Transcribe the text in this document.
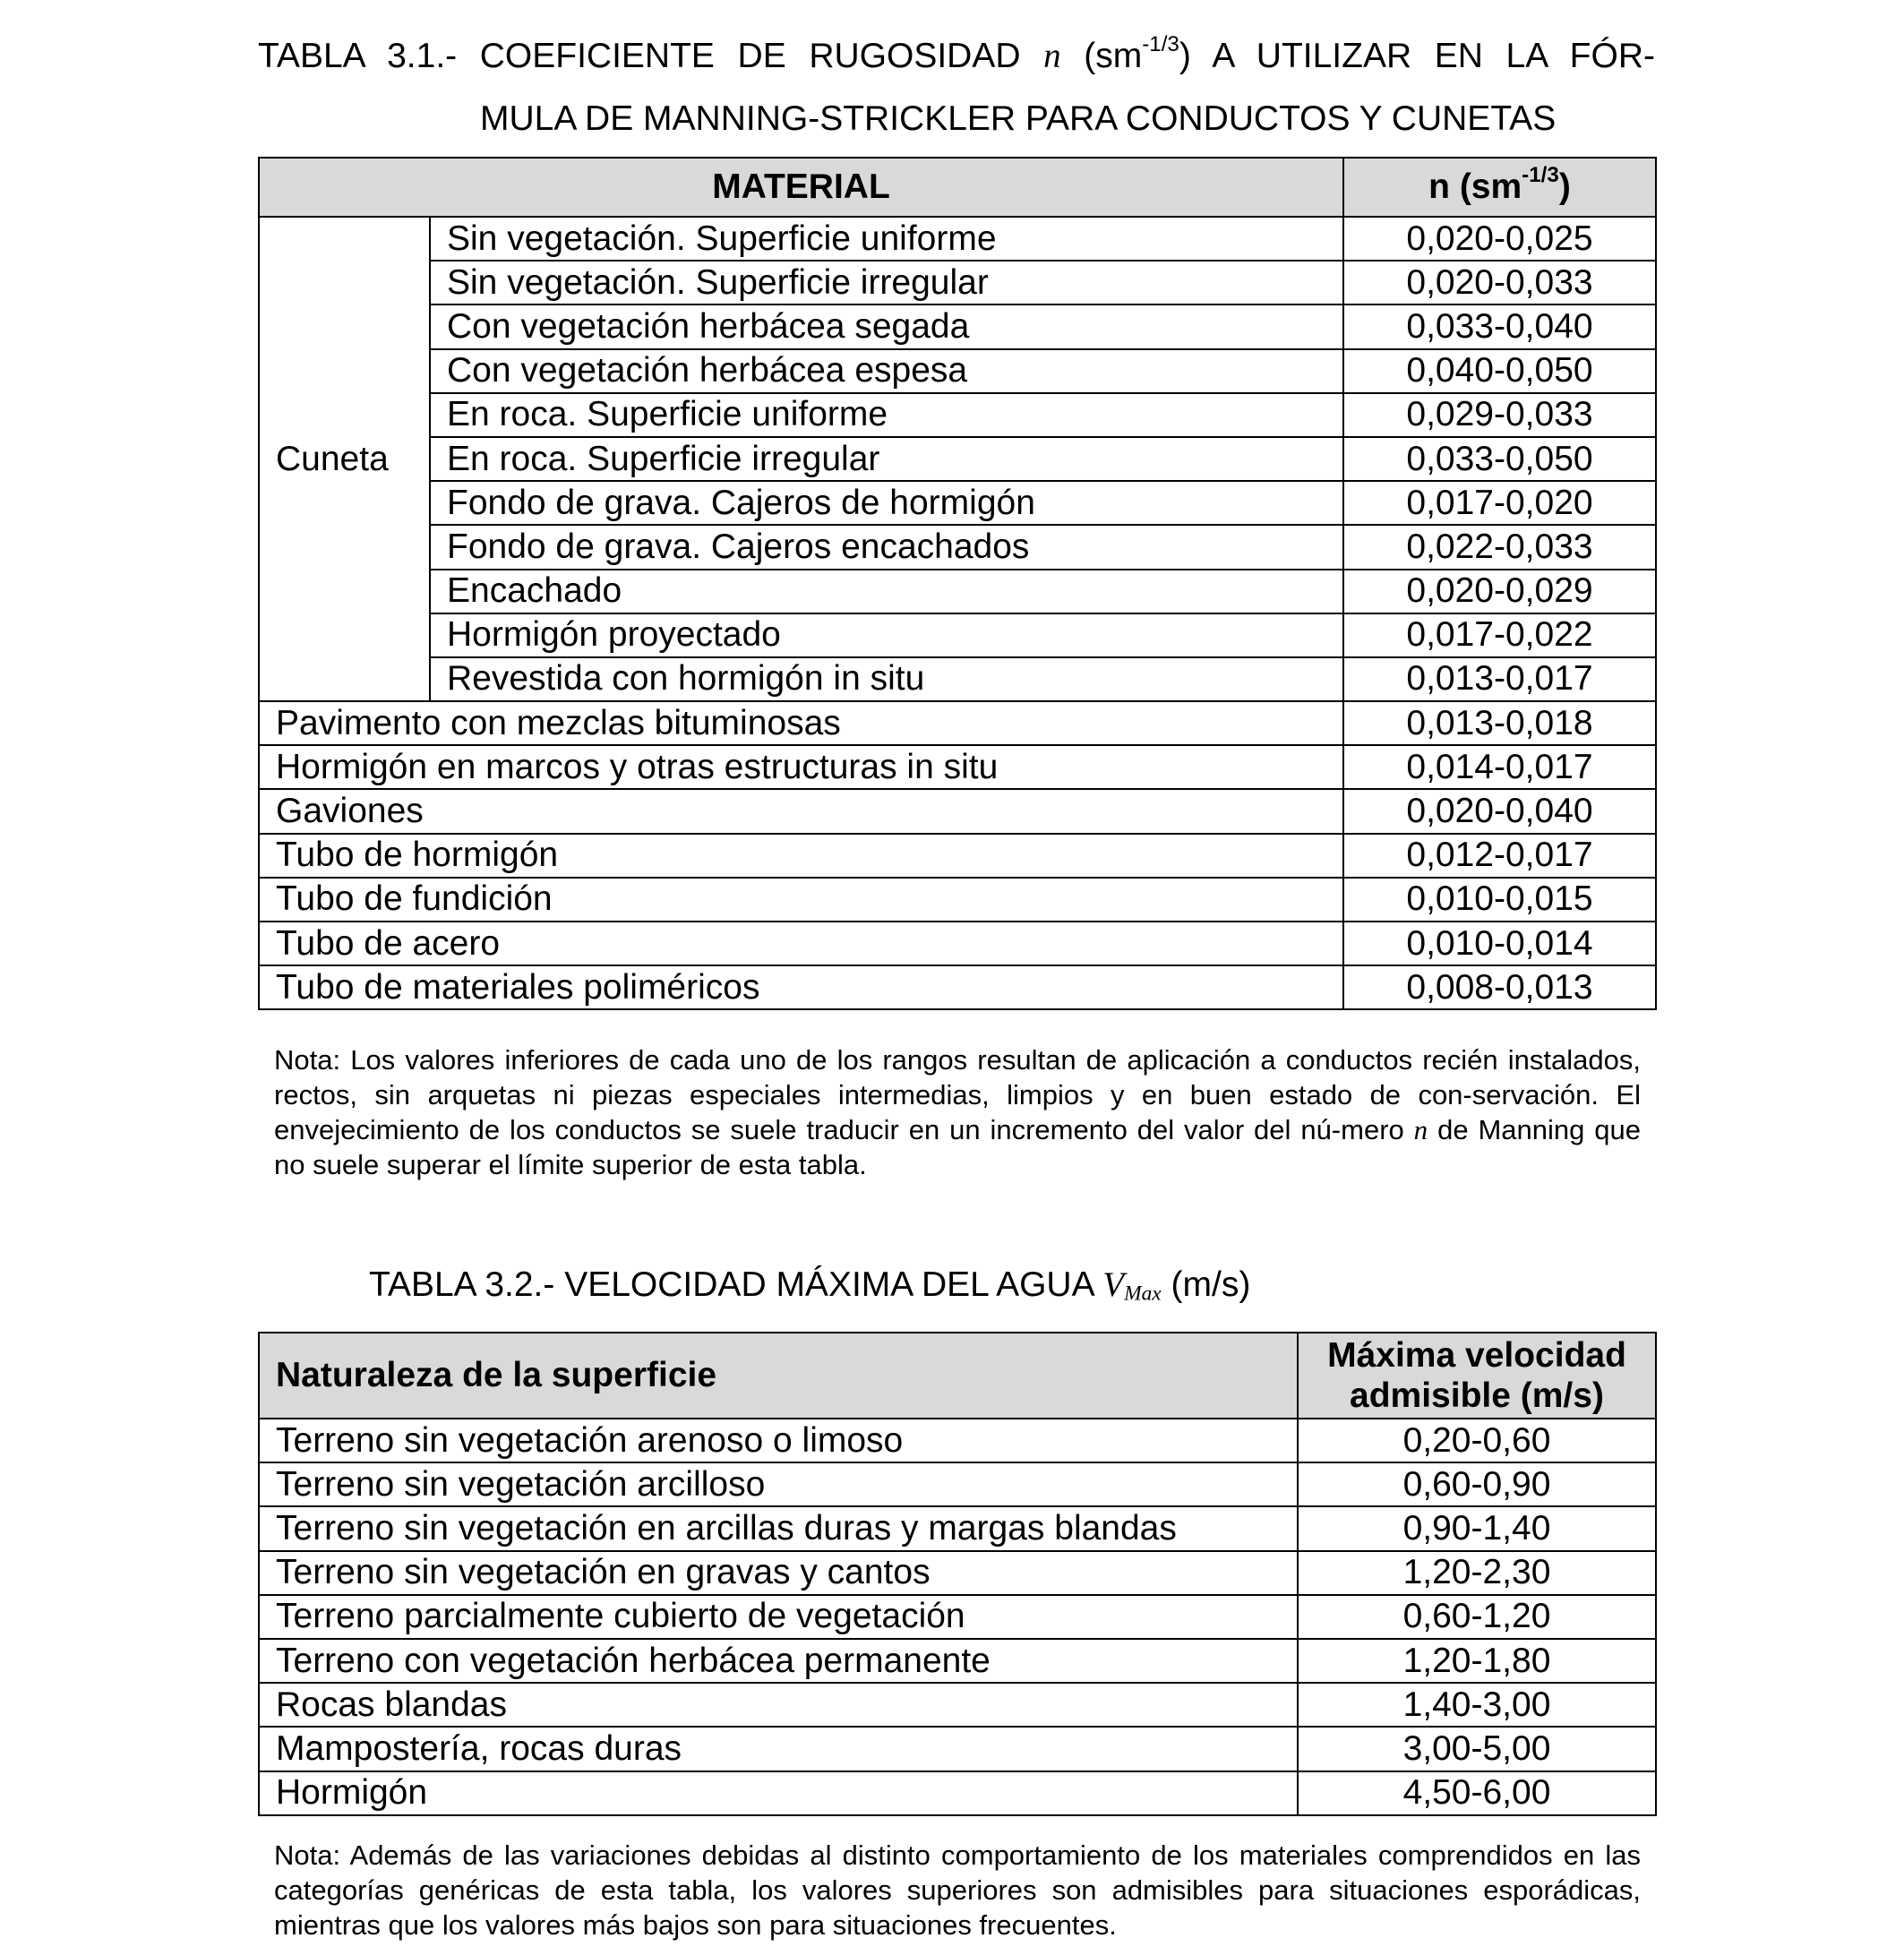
TABLA 3.1.- COEFICIENTE DE RUGOSIDAD n $(sm^{-1/3})$ A UTILIZAR EN LA FÓR-
MULA DE MANNING-STRICKLER PARA CONDUCTOS Y CUNETAS
MATERIAL		n $(sm^{-1/3})$
Cuneta	Sin vegetación. Superficie uniforme	0,020-0,025
	Sin vegetación. Superficie irregular	0,020-0,033
	Con vegetación herbácea segada	0,033-0,040
	Con vegetación herbácea espesa	0,040-0,050
	En roca. Superficie uniforme	0,029-0,033
	En roca. Superficie irregular	0,033-0,050
	Fondo de grava. Cajeros de hormigón	0,017-0,020
	Fondo de grava. Cajeros encachados	0,022-0,033
	Encachado	0,020-0,029
	Hormigón proyectado	0,017-0,022
	Revestida con hormigón in situ	0,013-0,017
Pavimento con mezclas bituminosas		0,013-0,018
Hormigón en marcos y otras estructuras in situ		0,014-0,017
Gaviones		0,020-0,040
Tubo de hormigón		0,012-0,017
Tubo de fundición		0,010-0,015
Tubo de acero		0,010-0,014
Tubo de materiales poliméricos		0,008-0,013
Nota: Los valores inferiores de cada uno de los rangos resultan de aplicación a conductos recién instalados, rectos, sin arquetas ni piezas especiales intermedias, limpios y en buen estado de con-servación. El envejecimiento de los conductos se suele traducir en un incremento del valor del nú-mero n de Manning que no suele superar el límite superior de esta tabla.
TABLA 3.2.- VELOCIDAD MÁXIMA DEL AGUA $V_{Max}$ (m/s)
Naturaleza de la superficie	Máxima velocidad
admisible (m/s)
Terreno sin vegetación arenoso o limoso	0,20-0,60
Terreno sin vegetación arcilloso	0,60-0,90
Terreno sin vegetación en arcillas duras y margas blandas	0,90-1,40
Terreno sin vegetación en gravas y cantos	1,20-2,30
Terreno parcialmente cubierto de vegetación	0,60-1,20
Terreno con vegetación herbácea permanente	1,20-1,80
Rocas blandas	1,40-3,00
Mampostería, rocas duras	3,00-5,00
Hormigón	4,50-6,00
Nota: Además de las variaciones debidas al distinto comportamiento de los materiales comprendidos en las categorías genéricas de esta tabla, los valores superiores son admisibles para situaciones esporádicas, mientras que los valores más bajos son para situaciones frecuentes.
